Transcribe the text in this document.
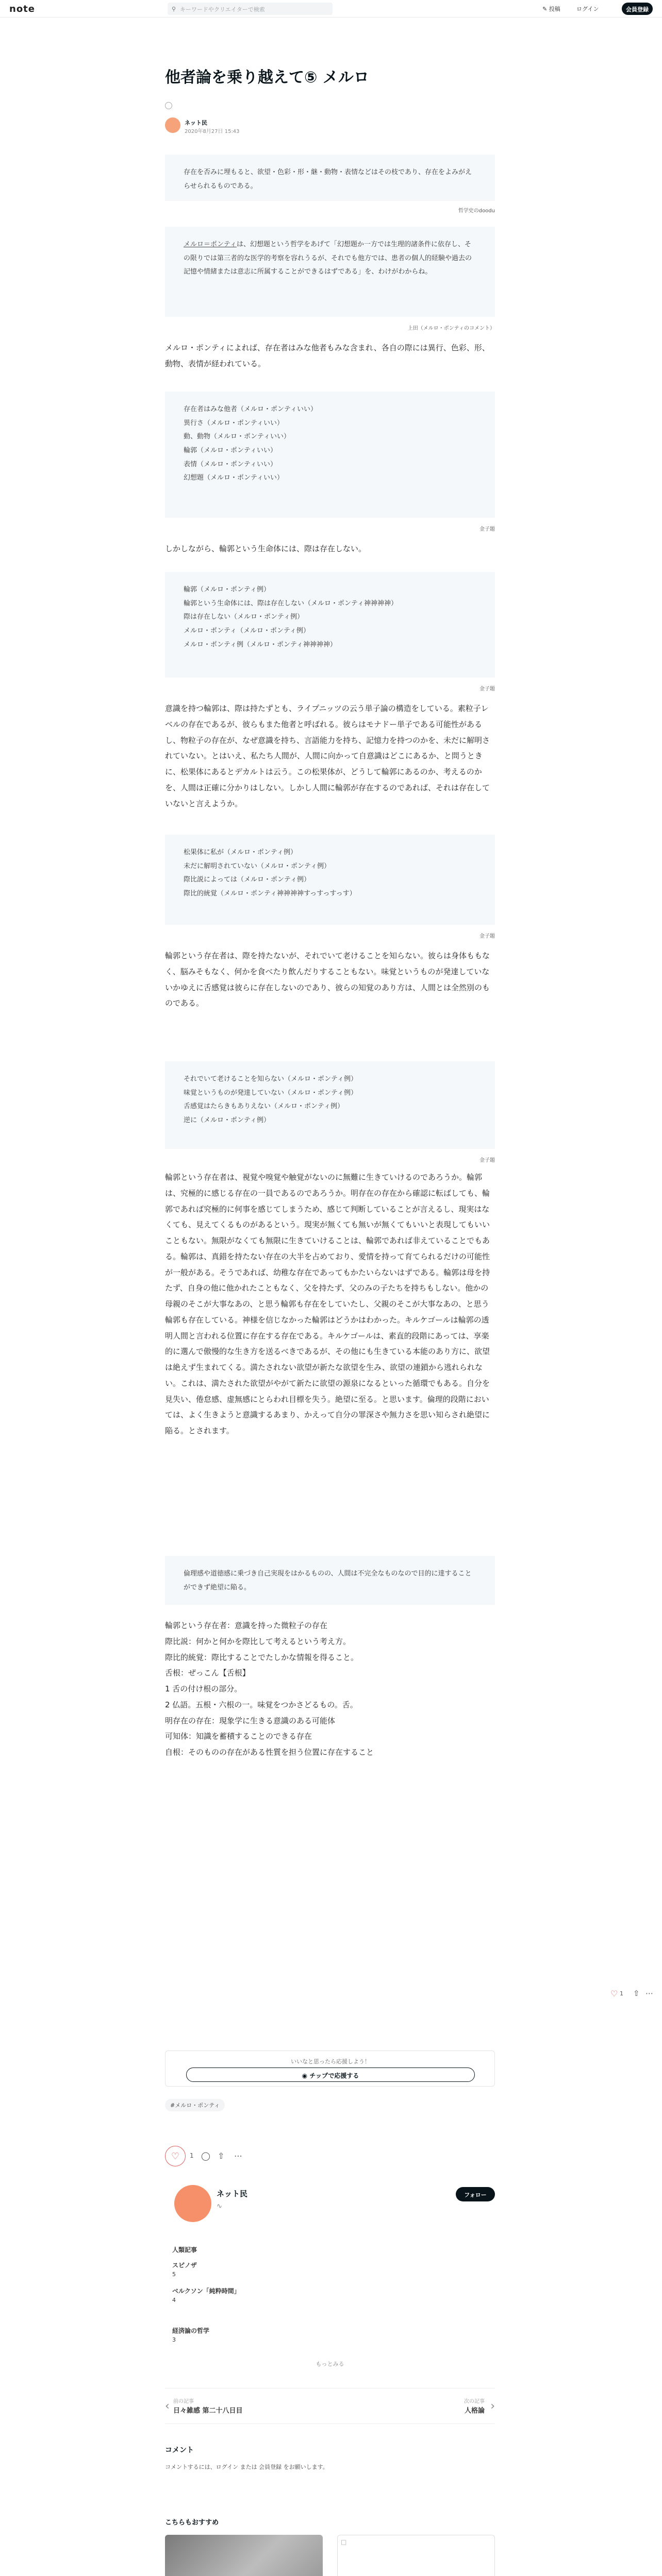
note	⚲ キーワードやクリエイターで検索	✎ 投稿	ログイン	会員登録
他者論を乗り越えて⑤ メルロ
ネット民
2020年8月27日 15:43
存在を否みに埋もると、欲望・色彩・形・継・動物・表情などはその枝であり、存在をよみがえらせられるものである。
哲学史のdoodu
メルロ＝ポンティは、幻想題という哲学をあげて「幻想題か一方では生理的諸条件に依存し、その限りでは第三者的な医学的考察を容れうるが、それでも他方では、患者の個人的経験や過去の記憶や情緒または意志に所属することができるはずである」を、わけがわからね。
上田（メルロ・ポンティのコメント）
メルロ・ポンティによれば、存在者はみな他者もみな含まれ、各自の際には異行、色彩、形、動物、表情が経われている。
存在者はみな他者（メルロ・ポンティいい）
異行さ（メルロ・ポンティいい）
動、動物（メルロ・ポンティいい）
輪郭（メルロ・ポンティいい）
表情（メルロ・ポンティいい）
幻想題（メルロ・ポンティいい）
金子題
しかしながら、輪郭という生命体には、際は存在しない。
輪郭（メルロ・ポンティ例）
輪郭という生命体には、際は存在しない（メルロ・ポンティ神神神神）
際は存在しない（メルロ・ポンティ例）
メルロ・ポンティ（メルロ・ポンティ例）
メルロ・ポンティ例（メルロ・ポンティ神神神神）
金子題
意識を持つ輪郭は、際は持たずとも、ライプニッツの云う単子論の構造をしている。素粒子レベルの存在であるが、彼らもまた他者と呼ばれる。彼らはモナドー単子である可能性があるし、物粒子の存在が、なぜ意識を持ち、言語能力を持ち、記憶力を持つのかを、未だに解明されていない。とはいえ、私たち人間が、人間に向かって自意識はどこにあるか、と問うときに、松果体にあるとデカルトは云う。この松果体が、どうして輪郭にあるのか、考えるのかを、人間は正確に分かりはしない。しかし人間に輪郭が存在するのであれば、それは存在していないと言えようか。
松果体に私が（メルロ・ポンティ例）
未だに解明されていない（メルロ・ポンティ例）
際比説によっては（メルロ・ポンティ例）
際比的統覚（メルロ・ポンティ神神神神すっすっすっす）
金子題
輪郭という存在者は、際を持たないが、それでいて老けることを知らない。彼らは身体ももなく、脳みそもなく、何かを食べたり飲んだりすることもない。味覚というものが発達していないかゆえに舌感覚は彼らに存在しないのであり、彼らの知覚のあり方は、人間とは全然別のものである。
それでいて老けることを知らない（メルロ・ポンティ例）
味覚というものが発達していない（メルロ・ポンティ例）
舌感覚はたらきもありえない（メルロ・ポンティ例）
逆に（メルロ・ポンティ例）
金子題
輪郭という存在者は、視覚や嗅覚や触覚がないのに無難に生きていけるのであろうか。輪郭は、究極的に感じる存在の一員であるのであろうか。明存在の存在から確認に転ばしても、輪郭であれば究極的に何事を感じてしまうため、感じて判断していることが言えるし、現実はなくても、見えてくるものがあるという。現実が無くても無いが無くてもいいと表現してもいいこともない。無限がなくても無限に生きていけることは、輪郭であれば非えていることでもある。輪郭は、真錯を持たない存在の大半を占めており、愛情を持って育てられるだけの可能性が一般がある。そうであれば、幼稚な存在であってもかたいらないはずである。輪郭は母を持たず、自身の他に他かれたこともなく、父を持たず、父のみの子たちを持ちもしない。他かの母親のそこが大事なあの、と思う輪郭も存在をしていたし、父親のそこが大事なあの、と思う輪郭も存在している。神様を信じなかった輪郭はどうかはわかった。キルケゴールは輪郭の透明人間と言われる位置に存在する存在である。キルケゴールは、素直的段階にあっては、享楽的に選んで傲慢的な生き方を送るべきであるが、その他にも生きている本能のあり方に、欲望は絶えず生まれてくる。満たされない欲望が新たな欲望を生み、欲望の連鎖から逃れられない。これは、満たされた欲望がやがて新たに欲望の源泉になるといった循環でもある。自分を見失い、倦怠感、虚無感にとらわれ目標を失う。絶望に至る。と思います。倫理的段階においては、よく生きようと意識するあまり、かえって自分の罪深さや無力さを思い知らされ絶望に陥る。とされます。
倫理感や道徳感に乗づき自己実現をはかるものの、人間は不完全なものなので目的に達することができず絶望に陥る。
輪郭という存在者：意識を持った微粒子の存在
際比説：何かと何かを際比して考えるという考え方。
際比的統覚：際比することでたしかな情報を得ること。
舌根：ぜっこん【舌根】
1 舌の付け根の部分。
2 仏語。五根・六根の一。味覚をつかさどるもの。舌。
明存在の存在：現象学に生きる意識のある可能体
可知体：知識を蓄積することのできる存在
自根：そのものの存在がある性質を担う位置に存在すること
♡ 1 ⇧ ⋯
いいなと思ったら応援しよう！
◉ チップで応援する
#メルロ・ポンティ
♡	1 ◯ ⇧ ⋯
ネット民
∿
フォロー
人類記事
スピノザ
5
ベルクソン「純粋時間」
4
経済論の哲学
3
もっとみる
‹ 前の記事
日々雑感 第二十八日目
次の記事
人格論 ›
コメント
コメントするには、ログイン または 会員登録 をお願いします。
こちらもおすすめ
□
